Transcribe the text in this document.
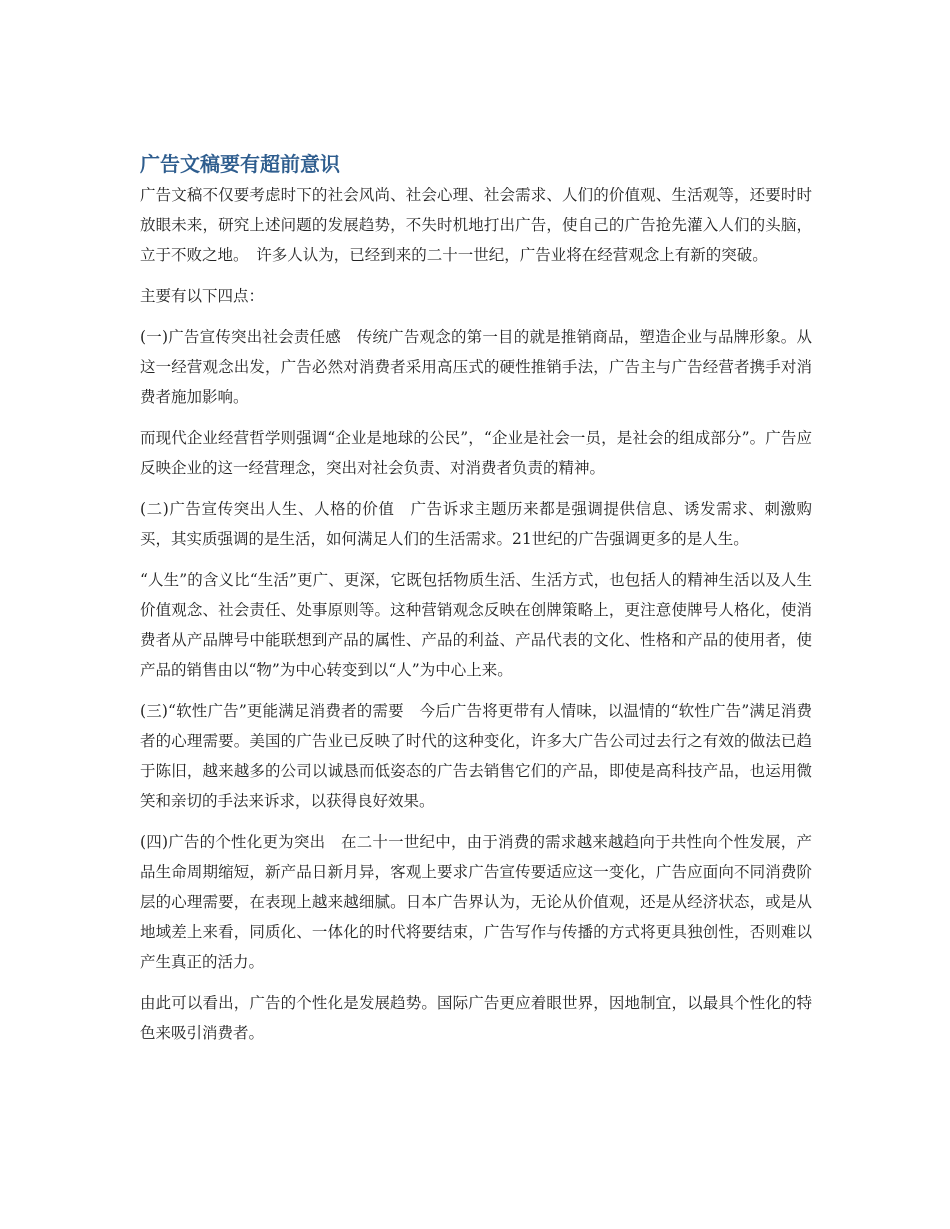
广告文稿要有超前意识

广告文稿不仅要考虑时下的社会风尚、社会心理、社会需求、人们的价值观、生活观等，还要时时放眼未来，研究上述问题的发展趋势，不失时机地打出广告，使自己的广告抢先灌入人们的头脑，立于不败之地。　许多人认为，已经到来的二十一世纪，广告业将在经营观念上有新的突破。

主要有以下四点：

(一)广告宣传突出社会责任感　传统广告观念的第一目的就是推销商品，塑造企业与品牌形象。从这一经营观念出发，广告必然对消费者采用高压式的硬性推销手法，广告主与广告经营者携手对消费者施加影响。

而现代企业经营哲学则强调“企业是地球的公民”，“企业是社会一员，是社会的组成部分”。广告应反映企业的这一经营理念，突出对社会负责、对消费者负责的精神。

(二)广告宣传突出人生、人格的价值　广告诉求主题历来都是强调提供信息、诱发需求、刺激购买，其实质强调的是生活，如何满足人们的生活需求。21世纪的广告强调更多的是人生。

“人生”的含义比“生活”更广、更深，它既包括物质生活、生活方式，也包括人的精神生活以及人生价值观念、社会责任、处事原则等。这种营销观念反映在创牌策略上，更注意使牌号人格化，使消费者从产品牌号中能联想到产品的属性、产品的利益、产品代表的文化、性格和产品的使用者，使产品的销售由以“物”为中心转变到以“人”为中心上来。

(三)“软性广告”更能满足消费者的需要　今后广告将更带有人情味，以温情的“软性广告”满足消费者的心理需要。美国的广告业已反映了时代的这种变化，许多大广告公司过去行之有效的做法已趋于陈旧，越来越多的公司以诚恳而低姿态的广告去销售它们的产品，即使是高科技产品，也运用微笑和亲切的手法来诉求，以获得良好效果。

(四)广告的个性化更为突出　在二十一世纪中，由于消费的需求越来越趋向于共性向个性发展，产品生命周期缩短，新产品日新月异，客观上要求广告宣传要适应这一变化，广告应面向不同消费阶层的心理需要，在表现上越来越细腻。日本广告界认为，无论从价值观，还是从经济状态，或是从地域差上来看，同质化、一体化的时代将要结束，广告写作与传播的方式将更具独创性，否则难以产生真正的活力。

由此可以看出，广告的个性化是发展趋势。国际广告更应着眼世界，因地制宜，以最具个性化的特色来吸引消费者。
